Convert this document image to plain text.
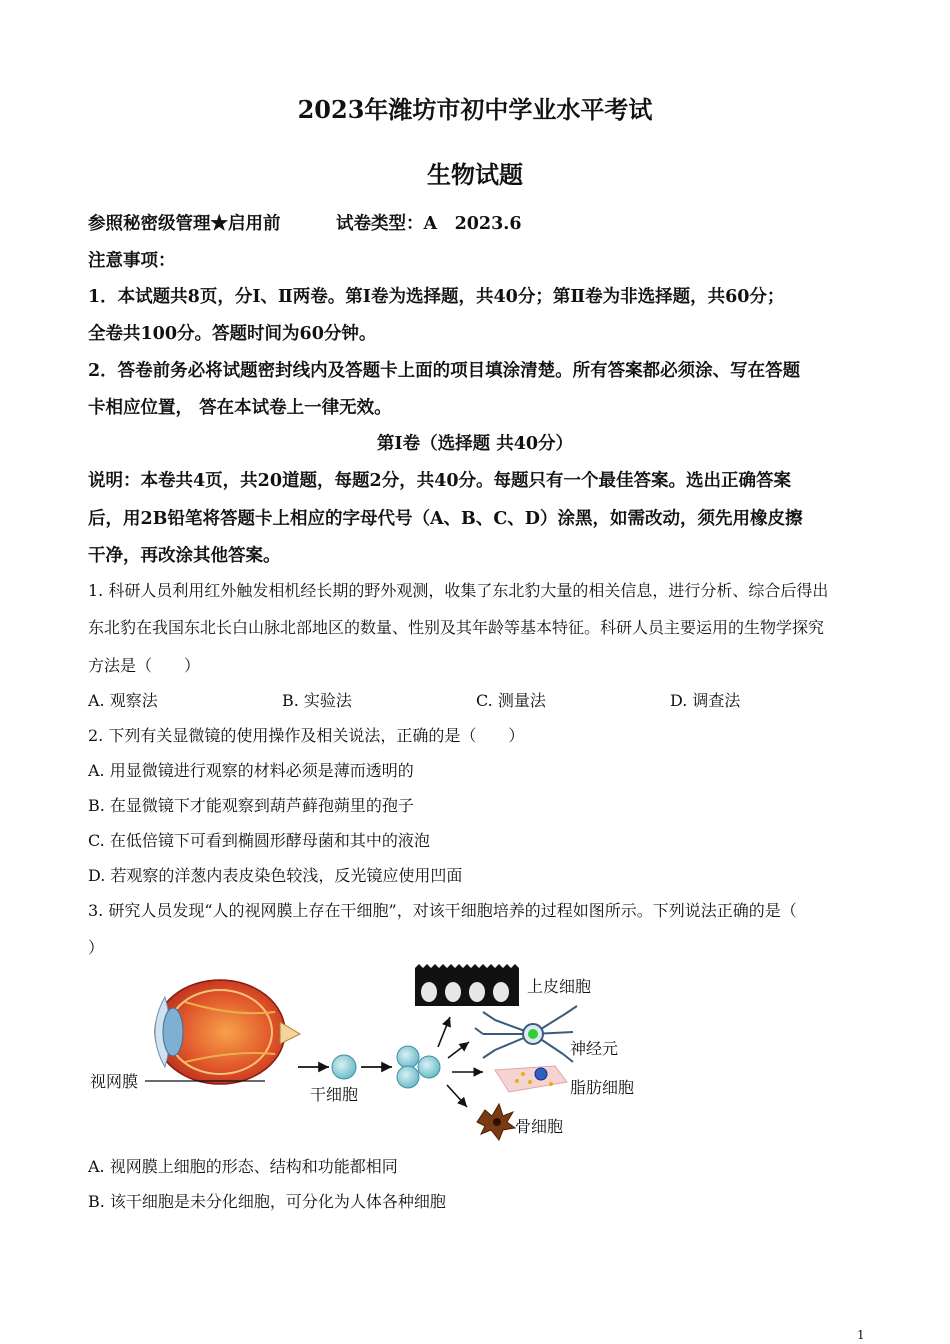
2023年潍坊市初中学业水平考试
生物试题
参照秘密级管理★启用前	试卷类型：A　2023.6
注意事项：
1．本试题共8页，分Ⅰ、Ⅱ两卷。第Ⅰ卷为选择题，共40分；第Ⅱ卷为非选择题，共60分；
全卷共100分。答题时间为60分钟。
2．答卷前务必将试题密封线内及答题卡上面的项目填涂清楚。所有答案都必须涂、写在答题
卡相应位置， 答在本试卷上一律无效。
第Ⅰ卷（选择题 共40分）
说明：本卷共4页，共20道题，每题2分，共40分。每题只有一个最佳答案。选出正确答案
后，用2B铅笔将答题卡上相应的字母代号（A、B、C、D）涂黑，如需改动，须先用橡皮擦
干净，再改涂其他答案。
1. 科研人员利用红外触发相机经长期的野外观测，收集了东北豹大量的相关信息，进行分析、综合后得出
东北豹在我国东北长白山脉北部地区的数量、性别及其年龄等基本特征。科研人员主要运用的生物学探究
方法是（　　）
A. 观察法	B. 实验法	C. 测量法	D. 调查法
2. 下列有关显微镜的使用操作及相关说法，正确的是（　　）
A. 用显微镜进行观察的材料必须是薄而透明的
B. 在显微镜下才能观察到葫芦藓孢蒴里的孢子
C. 在低倍镜下可看到椭圆形酵母菌和其中的液泡
D. 若观察的洋葱内表皮染色较浅，反光镜应使用凹面
3. 研究人员发现“人的视网膜上存在干细胞”，对该干细胞培养的过程如图所示。下列说法正确的是（
）
视网膜
干细胞
上皮细胞
神经元
脂肪细胞
骨细胞
A. 视网膜上细胞的形态、结构和功能都相同
B. 该干细胞是未分化细胞，可分化为人体各种细胞
1
